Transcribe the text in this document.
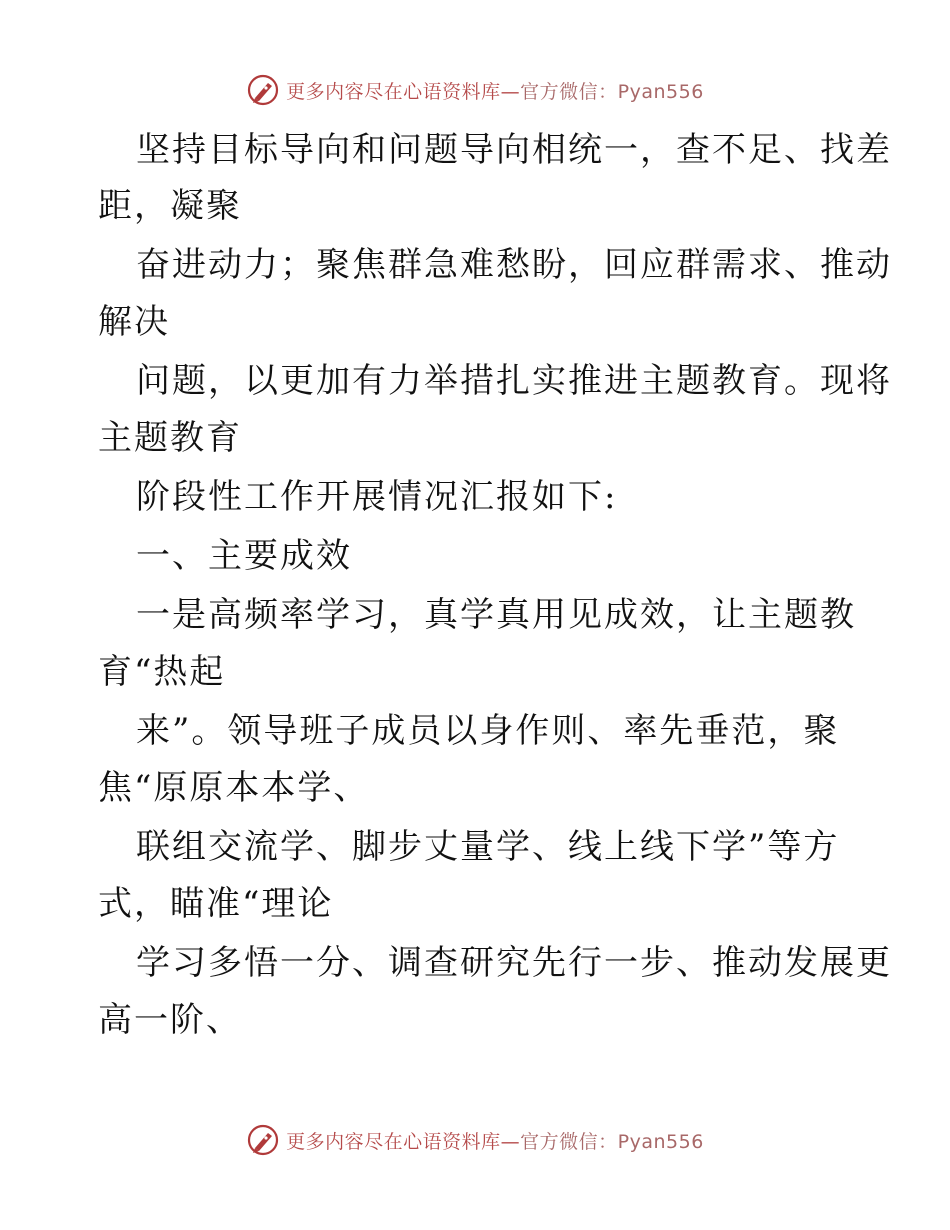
更多内容尽在心语资料库—官方微信：Pyan556
坚持目标导向和问题导向相统一，查不足、找差
距，凝聚
奋进动力；聚焦群急难愁盼，回应群需求、推动
解决
问题，以更加有力举措扎实推进主题教育。现将
主题教育
阶段性工作开展情况汇报如下:
一、主要成效
一是高频率学习，真学真用见成效，让主题教
育“热起
来”。领导班子成员以身作则、率先垂范，聚
焦“原原本本学、
联组交流学、脚步丈量学、线上线下学”等方
式，瞄准“理论
学习多悟一分、调查研究先行一步、推动发展更
高一阶、
更多内容尽在心语资料库—官方微信：Pyan556
